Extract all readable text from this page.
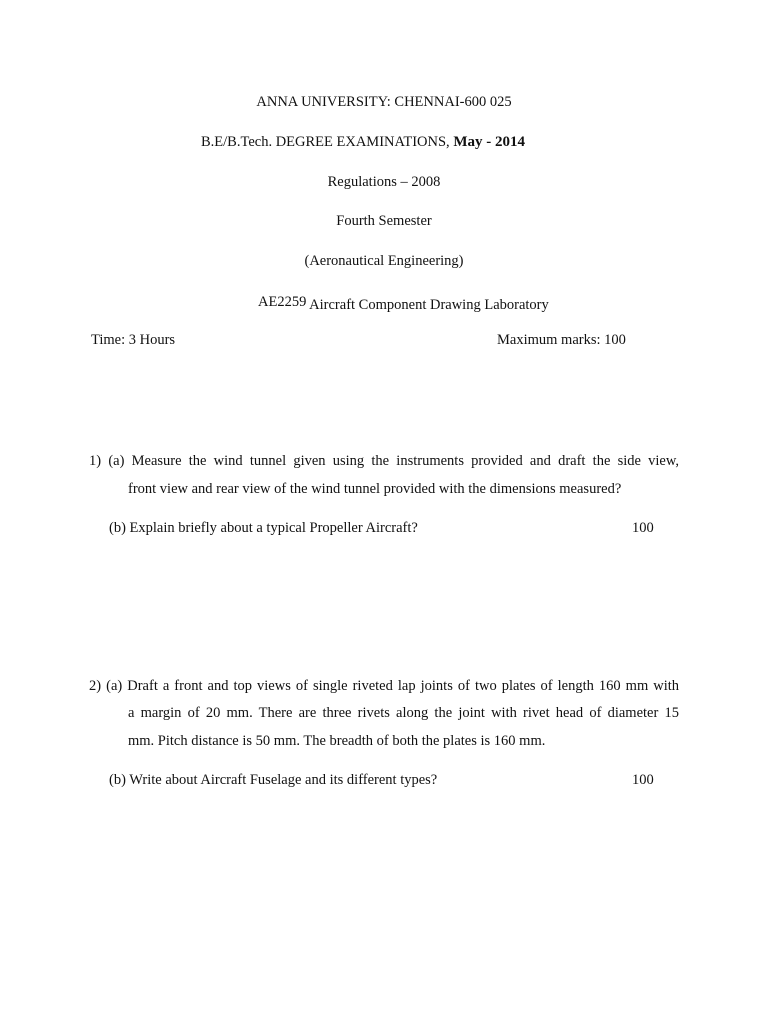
ANNA UNIVERSITY: CHENNAI-600 025
B.E/B.Tech. DEGREE EXAMINATIONS, May - 2014
Regulations – 2008
Fourth Semester
(Aeronautical Engineering)
AE2259 Aircraft Component Drawing Laboratory
Time: 3 Hours	Maximum marks: 100
1) (a) Measure the wind tunnel given using the instruments provided and draft the side view,
front view and rear view of the wind tunnel provided with the dimensions measured?
(b) Explain briefly about a typical Propeller Aircraft?	100
2) (a) Draft a front and top views of single riveted lap joints of two plates of length 160 mm with
a margin of 20 mm. There are three rivets along the joint with rivet head of diameter 15
mm. Pitch distance is 50 mm. The breadth of both the plates is 160 mm.
(b) Write about Aircraft Fuselage and its different types?	100
